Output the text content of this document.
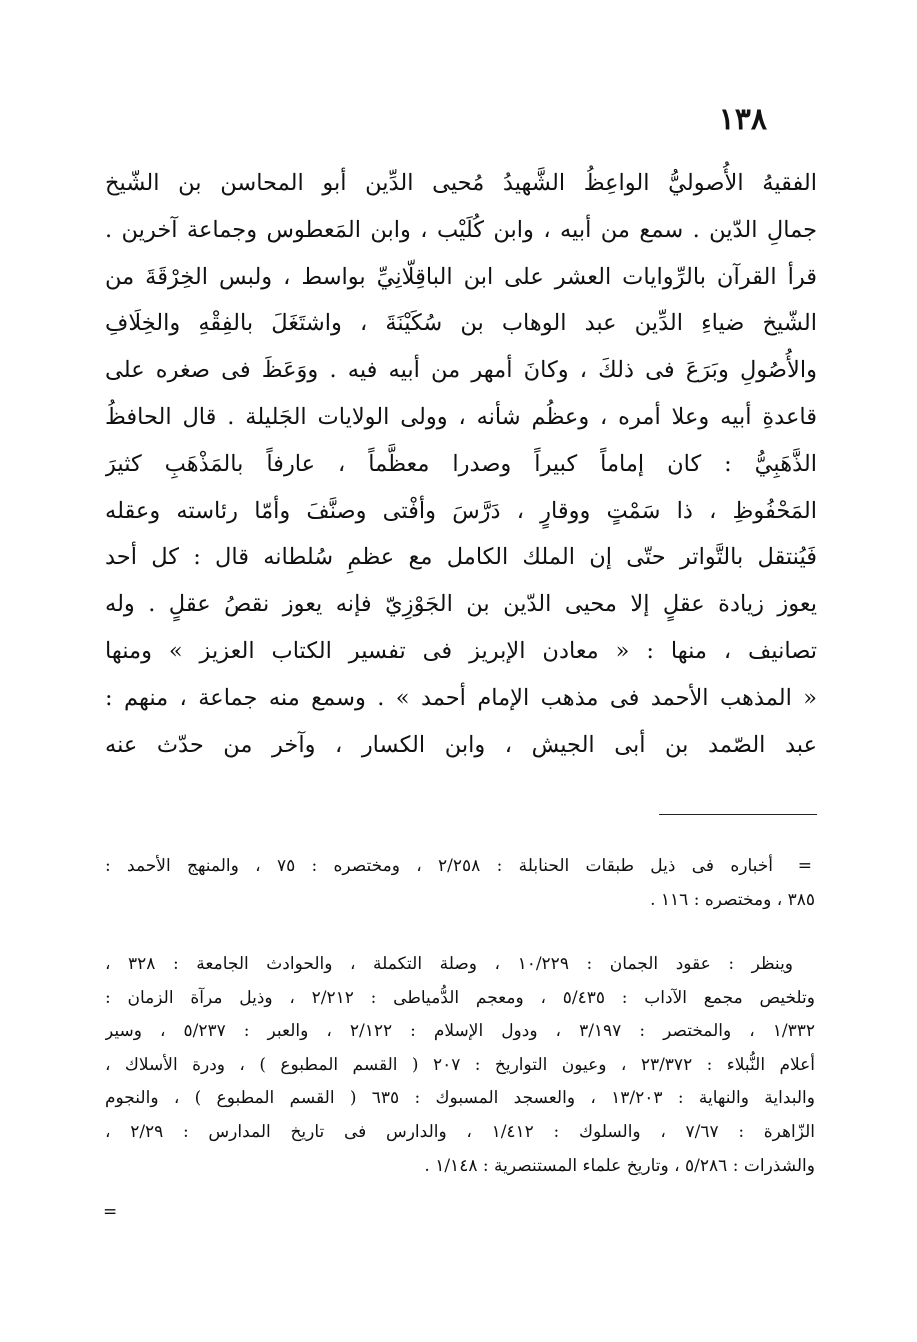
١٣٨
الفقيهُ الأُصوليُّ الواعِظُ الشَّهيدُ مُحيى الدِّين أبو المحاسن بن الشّيخ
جمالِ الدّين . سمع من أبيه ، وابن كُلَيْب ، وابن المَعطوس وجماعة آخرين .
قرأ القرآن بالرِّوايات العشر على ابن الباقِلّانِيِّ بواسط ، ولبس الخِرْقَةَ من
الشّيخ ضياءِ الدِّين عبد الوهاب بن سُكَيْنَةَ ، واشتَغَلَ بالفِقْهِ والخِلَافِ
والأُصُولِ وبَرَعَ فى ذلكَ ، وكانَ أمهر من أبيه فيه . ووَعَظَ فى صغره على
قاعدةِ أبيه وعلا أمره ، وعظُم شأنه ، وولى الولايات الجَليلة . قال الحافظُ
الذَّهَبِيُّ : كان إماماً كبيراً وصدرا معظَّماً ، عارفاً بالمَذْهَبِ كثيرَ
المَحْفُوظِ ، ذا سَمْتٍ ووقارٍ ، دَرَّسَ وأفْتى وصنَّفَ وأمّا رئاسته وعقله
فَيُنتقل بالتَّواتر حتّى إن الملك الكامل مع عظمِ سُلطانه قال : كل أحد
يعوز زيادة عقلٍ إلا محيى الدّين بن الجَوْزِيّ فإنه يعوز نقصُ عقلٍ . وله
تصانيف ، منها : « معادن الإبريز فى تفسير الكتاب العزيز » ومنها
« المذهب الأحمد فى مذهب الإمام أحمد » . وسمع منه جماعة ، منهم :
عبد الصّمد بن أبى الجيش ، وابن الكسار ، وآخر من حدّث عنه
=
أخباره فى ذيل طبقات الحنابلة : ٢/٢٥٨ ، ومختصره : ٧٥ ، والمنهج الأحمد :
٣٨٥ ، ومختصره : ١١٦ .
وينظر : عقود الجمان : ١٠/٢٢٩ ، وصلة التكملة ، والحوادث الجامعة : ٣٢٨ ،
وتلخيص مجمع الآداب : ٥/٤٣٥ ، ومعجم الدُّمياطى : ٢/٢١٢ ، وذيل مرآة الزمان :
١/٣٣٢ ، والمختصر : ٣/١٩٧ ، ودول الإسلام : ٢/١٢٢ ، والعبر : ٥/٢٣٧ ، وسير
أعلام النُّبلاء : ٢٣/٣٧٢ ، وعيون التواريخ : ٢٠٧ ( القسم المطبوع ) ، ودرة الأسلاك ،
والبداية والنهاية : ١٣/٢٠٣ ، والعسجد المسبوك : ٦٣٥ ( القسم المطبوع ) ، والنجوم
الزّاهرة : ٧/٦٧ ، والسلوك : ١/٤١٢ ، والدارس فى تاريخ المدارس : ٢/٢٩ ،
والشذرات : ٥/٢٨٦ ، وتاريخ علماء المستنصرية : ١/١٤٨ .
=
